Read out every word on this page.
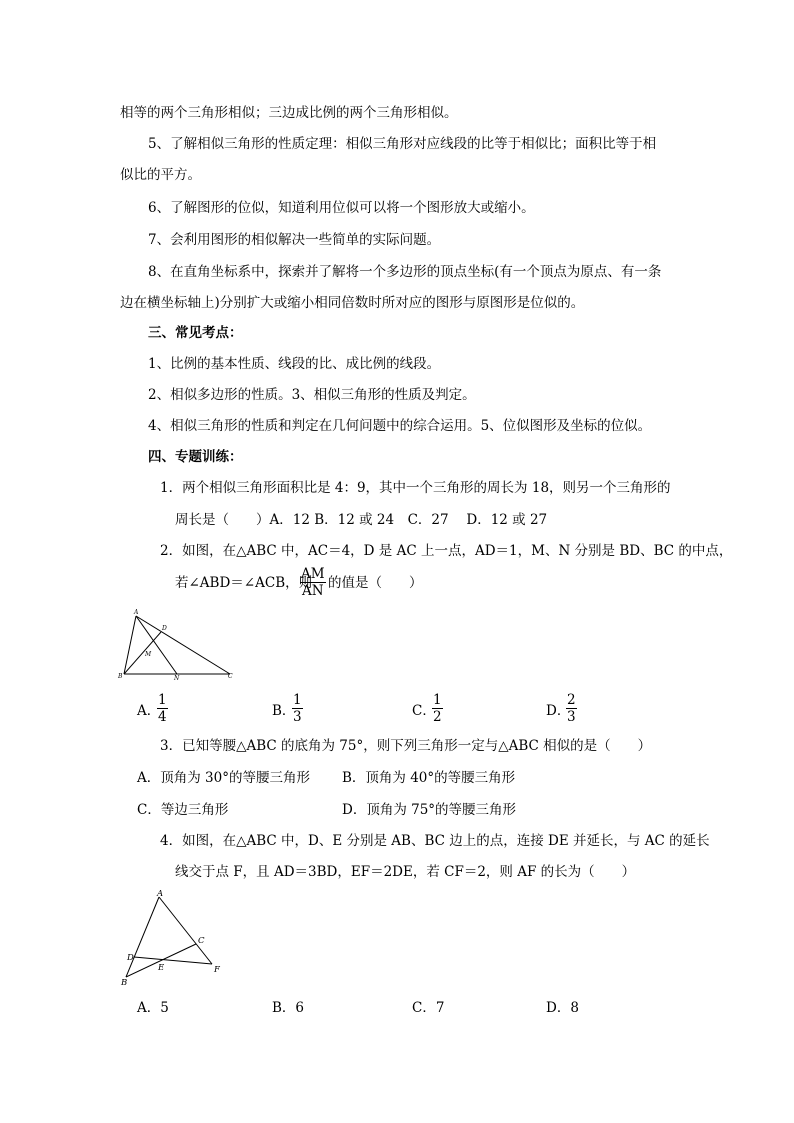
相等的两个三角形相似；三边成比例的两个三角形相似。
5、了解相似三角形的性质定理：相似三角形对应线段的比等于相似比；面积比等于相
似比的平方。
6、了解图形的位似，知道利用位似可以将一个图形放大或缩小。
7、会利用图形的相似解决一些简单的实际问题。
8、在直角坐标系中，探索并了解将一个多边形的顶点坐标(有一个顶点为原点、有一条
边在横坐标轴上)分别扩大或缩小相同倍数时所对应的图形与原图形是位似的。
三、常见考点：
1、比例的基本性质、线段的比、成比例的线段。
2、相似多边形的性质。3、相似三角形的性质及判定。
4、相似三角形的性质和判定在几何问题中的综合运用。5、位似图形及坐标的位似。
四、专题训练：
1．两个相似三角形面积比是 4：9，其中一个三角形的周长为 18，则另一个三角形的
周长是（　　）A．12 B．12 或 24　C．27　 D．12 或 27
2．如图，在△ABC 中，AC＝4，D 是 AC 上一点，AD＝1，M、N 分别是 BD、BC 的中点，
若∠ABD＝∠ACB，则
$\frac{AM}{AN}$ 的值是（　　）
A
D
M
B	N	C
A．
$\frac{1}{4}$	B．
$\frac{1}{3}$	C．
$\frac{1}{2}$	D．
$\frac{2}{3}$
3．已知等腰△ABC 的底角为 75°，则下列三角形一定与△ABC 相似的是（　　）
A．顶角为 30°的等腰三角形 B．顶角为 40°的等腰三角形
C．等边三角形	D．顶角为 75°的等腰三角形
4．如图，在△ABC 中，D、E 分别是 AB、BC 边上的点，连接 DE 并延长，与 AC 的延长
线交于点 F，且 AD＝3BD，EF＝2DE，若 CF＝2，则 AF 的长为（　　）
A
C
D
E	F
B
A．5	B．6	C．7	D．8
